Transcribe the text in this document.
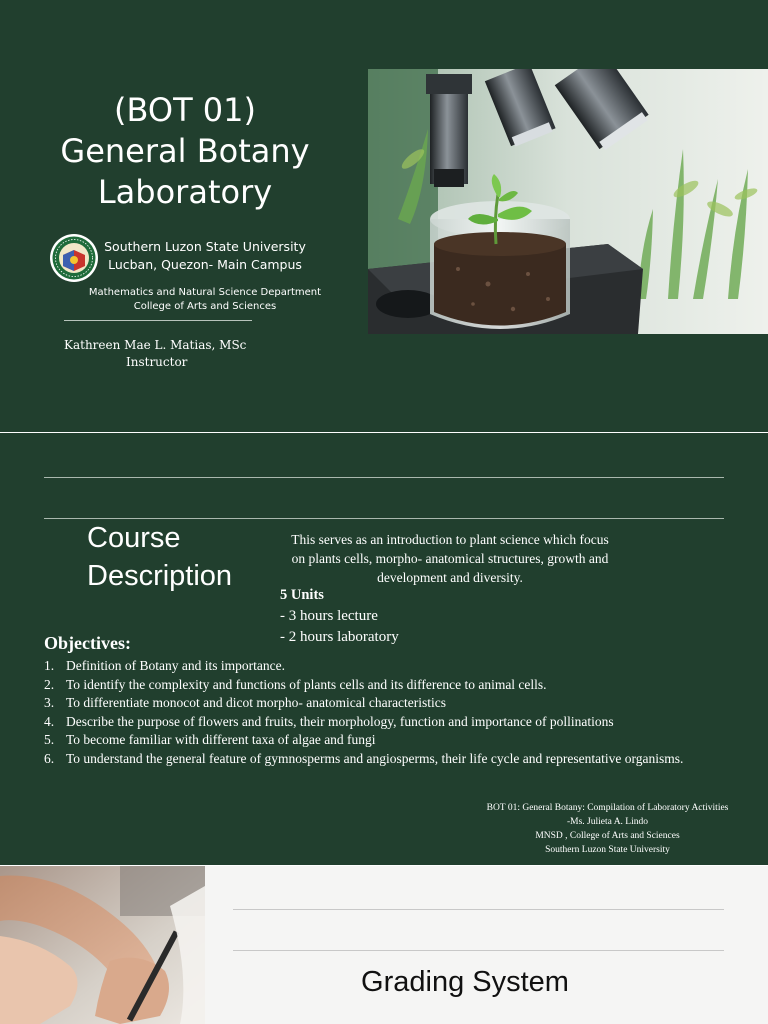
(BOT 01)
General Botany
Laboratory
Southern Luzon State University
Lucban, Quezon- Main Campus
Mathematics and Natural Science Department
College of Arts and Sciences
Kathreen Mae L. Matias, MSc
Instructor
Course
Description
This serves as an introduction to plant science which focus
on plants cells, morpho- anatomical structures, growth and
development and diversity.
5 Units
- 3 hours lecture
- 2 hours laboratory
Objectives:
1. Definition of Botany and its importance.
2. To identify the complexity and functions of plants cells and its difference to animal cells.
3. To differentiate monocot and dicot morpho- anatomical characteristics
4. Describe the purpose of flowers and fruits, their morphology, function and importance of pollinations
5. To become familiar with different taxa of algae and fungi
6. To understand the general feature of gymnosperms and angiosperms, their life cycle and representative organisms.
BOT 01: General Botany: Compilation of Laboratory Activities
-Ms. Julieta A. Lindo
MNSD , College of Arts and Sciences
Southern Luzon State University
Grading System
